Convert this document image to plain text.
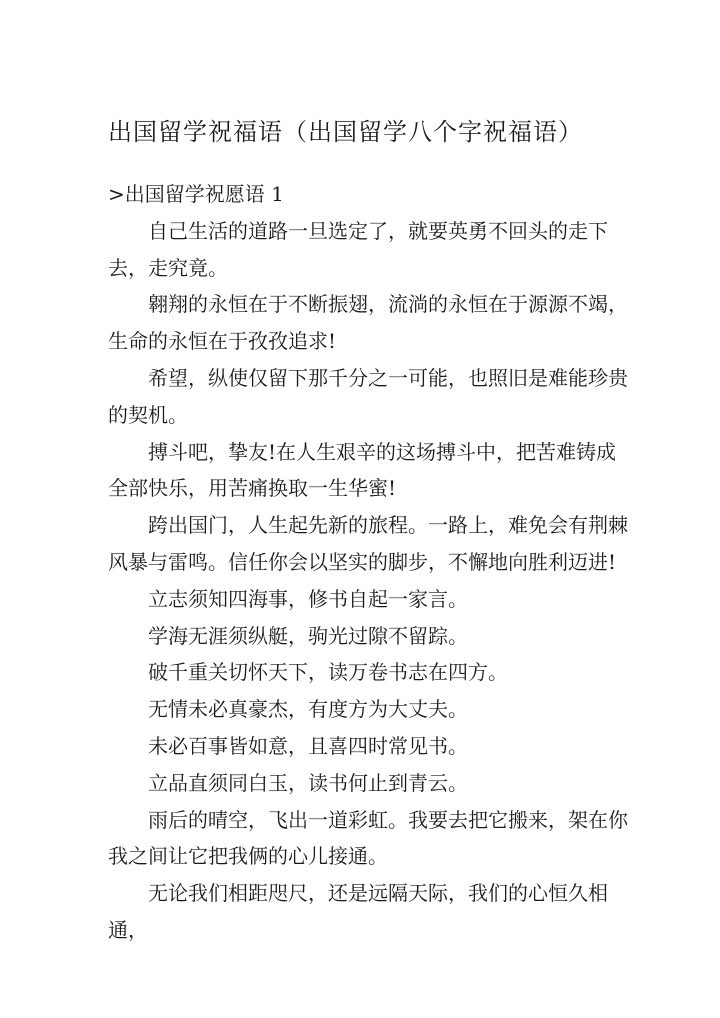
出国留学祝福语（出国留学八个字祝福语）

>出国留学祝愿语 1

自己生活的道路一旦选定了，就要英勇不回头的走下去，走究竟。

翱翔的永恒在于不断振翅，流淌的永恒在于源源不竭，生命的永恒在于孜孜追求!

希望，纵使仅留下那千分之一可能，也照旧是难能珍贵的契机。

搏斗吧，挚友!在人生艰辛的这场搏斗中，把苦难铸成全部快乐，用苦痛换取一生华蜜!

跨出国门，人生起先新的旅程。一路上，难免会有荆棘风暴与雷鸣。信任你会以坚实的脚步，不懈地向胜利迈进!

立志须知四海事，修书自起一家言。

学海无涯须纵艇，驹光过隙不留踪。

破千重关切怀天下，读万卷书志在四方。

无情未必真豪杰，有度方为大丈夫。

未必百事皆如意，且喜四时常见书。

立品直须同白玉，读书何止到青云。

雨后的晴空，飞出一道彩虹。我要去把它搬来，架在你我之间让它把我俩的心儿接通。

无论我们相距咫尺，还是远隔天际，我们的心恒久相通，
